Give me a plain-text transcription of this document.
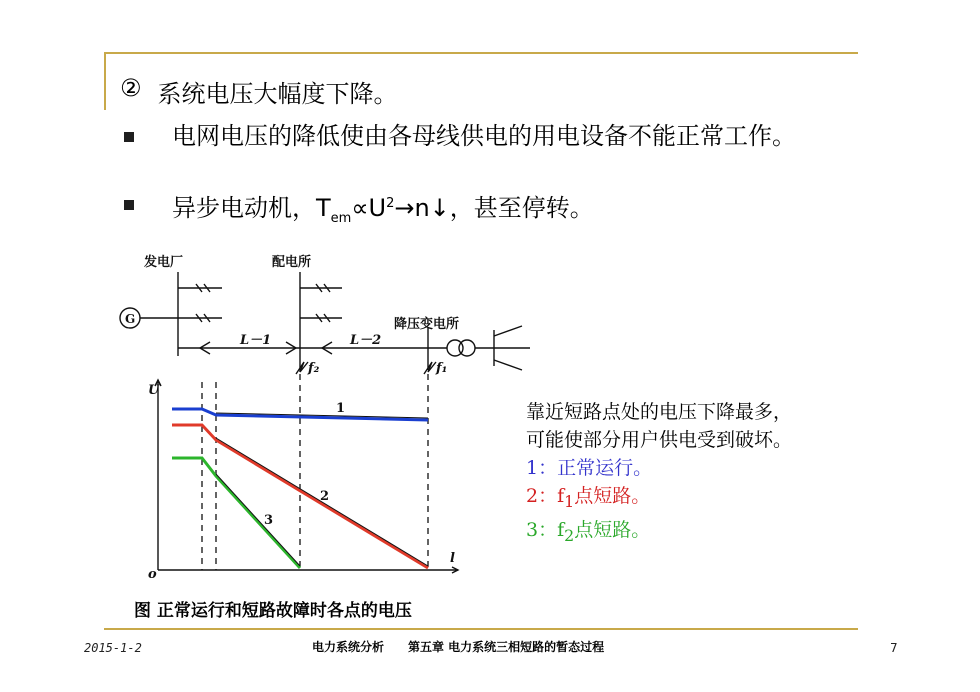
② 系统电压大幅度下降。
电网电压的降低使由各母线供电的用电设备不能正常工作。
异步电动机，$T_{em}\propto U^2\to n↓$，甚至停转。
发电厂	配电所
降压变电所
G
L－1	L－2
f₂	f₁
U
l
o
1
2
3
靠近短路点处的电压下降最多，
可能使部分用户供电受到破坏。
1：正常运行。
2：$f_1$点短路。
3：$f_2$点短路。
图 正常运行和短路故障时各点的电压
2015-1-2	电力系统分析　　第五章 电力系统三相短路的暂态过程	7
